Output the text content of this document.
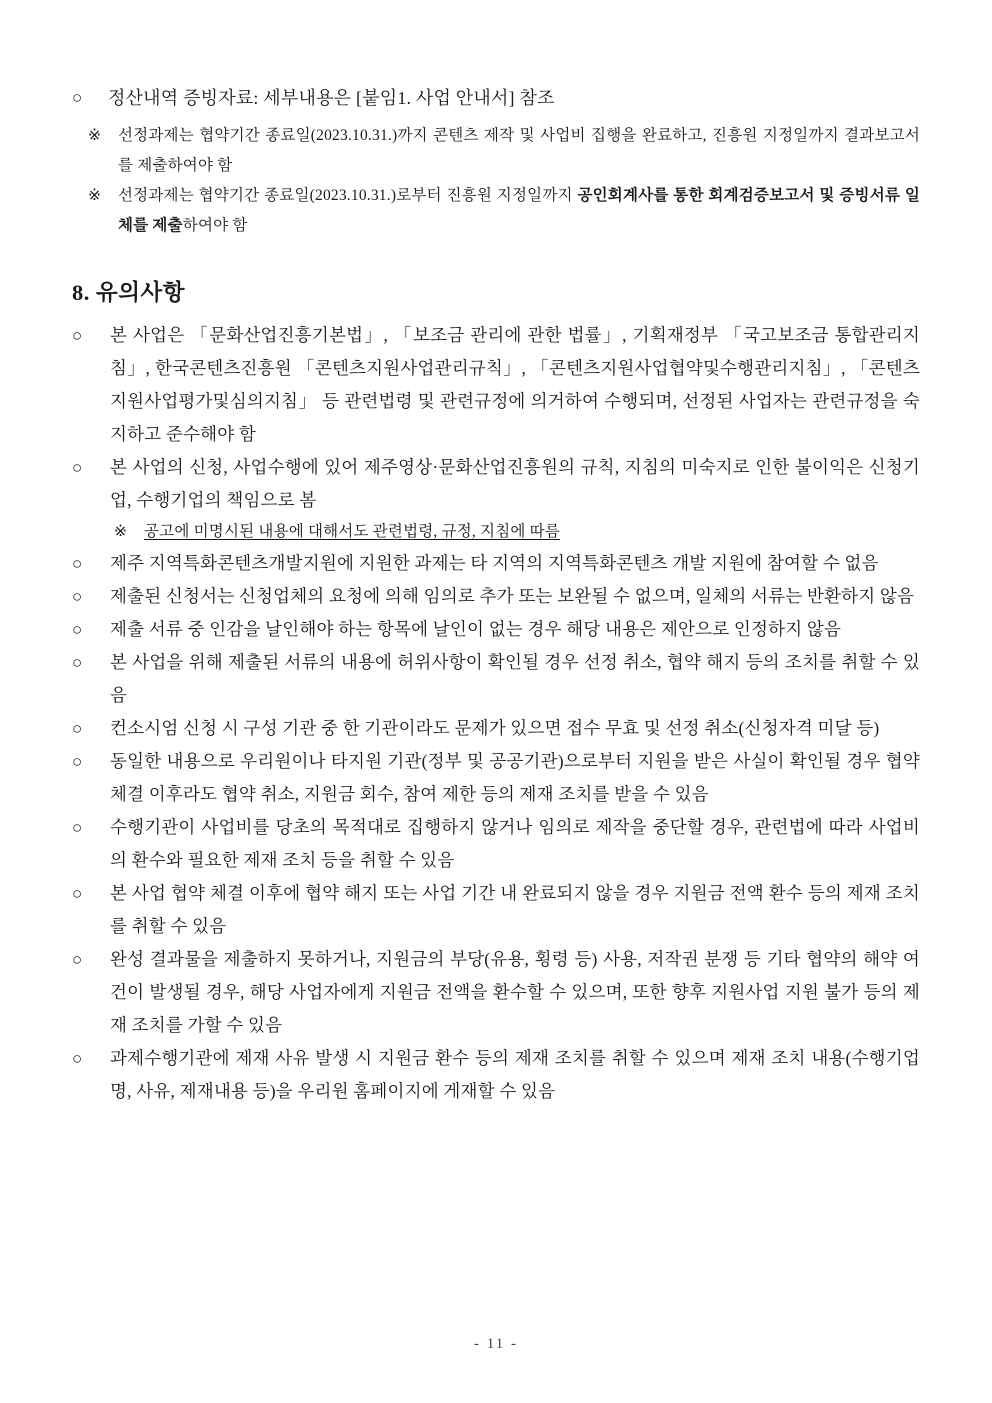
○ 정산내역 증빙자료: 세부내용은 [붙임1. 사업 안내서] 참조
※ 선정과제는 협약기간 종료일(2023.10.31.)까지 콘텐츠 제작 및 사업비 집행을 완료하고, 진흥원 지정일까지 결과보고서를 제출하여야 함
※ 선정과제는 협약기간 종료일(2023.10.31.)로부터 진흥원 지정일까지 공인회계사를 통한 회계검증보고서 및 증빙서류 일체를 제출하여야 함
8. 유의사항
○ 본 사업은 「문화산업진흥기본법」, 「보조금 관리에 관한 법률」, 기획재정부 「국고보조금 통합관리지침」, 한국콘텐츠진흥원 「콘텐츠지원사업관리규칙」, 「콘텐츠지원사업협약및수행관리지침」, 「콘텐츠지원사업평가및심의지침」 등 관련법령 및 관련규정에 의거하여 수행되며, 선정된 사업자는 관련규정을 숙지하고 준수해야 함
○ 본 사업의 신청, 사업수행에 있어 제주영상·문화산업진흥원의 규칙, 지침의 미숙지로 인한 불이익은 신청기업, 수행기업의 책임으로 봄
※ 공고에 미명시된 내용에 대해서도 관련법령, 규정, 지침에 따름
○ 제주 지역특화콘텐츠개발지원에 지원한 과제는 타 지역의 지역특화콘텐츠 개발 지원에 참여할 수 없음
○ 제출된 신청서는 신청업체의 요청에 의해 임의로 추가 또는 보완될 수 없으며, 일체의 서류는 반환하지 않음
○ 제출 서류 중 인감을 날인해야 하는 항목에 날인이 없는 경우 해당 내용은 제안으로 인정하지 않음
○ 본 사업을 위해 제출된 서류의 내용에 허위사항이 확인될 경우 선정 취소, 협약 해지 등의 조치를 취할 수 있음
○ 컨소시엄 신청 시 구성 기관 중 한 기관이라도 문제가 있으면 접수 무효 및 선정 취소(신청자격 미달 등)
○ 동일한 내용으로 우리원이나 타지원 기관(정부 및 공공기관)으로부터 지원을 받은 사실이 확인될 경우 협약체결 이후라도 협약 취소, 지원금 회수, 참여 제한 등의 제재 조치를 받을 수 있음
○ 수행기관이 사업비를 당초의 목적대로 집행하지 않거나 임의로 제작을 중단할 경우, 관련법에 따라 사업비의 환수와 필요한 제재 조치 등을 취할 수 있음
○ 본 사업 협약 체결 이후에 협약 해지 또는 사업 기간 내 완료되지 않을 경우 지원금 전액 환수 등의 제재 조치를 취할 수 있음
○ 완성 결과물을 제출하지 못하거나, 지원금의 부당(유용, 횡령 등) 사용, 저작권 분쟁 등 기타 협약의 해약 여건이 발생될 경우, 해당 사업자에게 지원금 전액을 환수할 수 있으며, 또한 향후 지원사업 지원 불가 등의 제재 조치를 가할 수 있음
○ 과제수행기관에 제재 사유 발생 시 지원금 환수 등의 제재 조치를 취할 수 있으며 제재 조치 내용(수행기업명, 사유, 제재내용 등)을 우리원 홈페이지에 게재할 수 있음
- 11 -
